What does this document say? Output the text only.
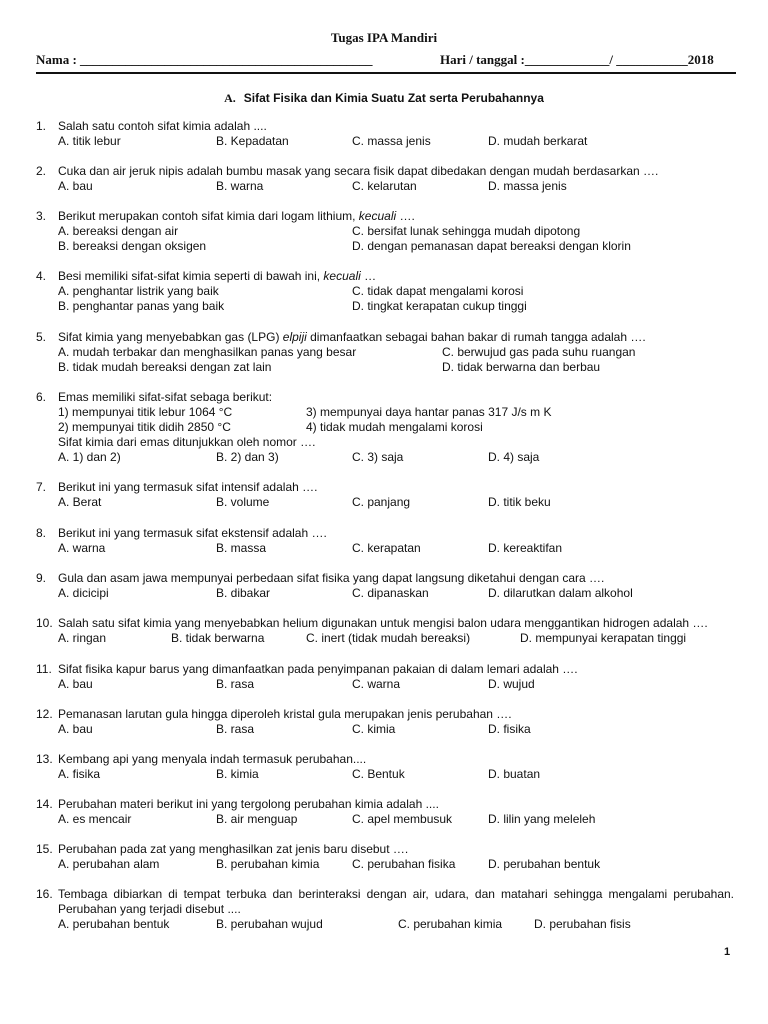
Tugas IPA Mandiri
Nama : _____________________________________________	Hari / tanggal :_____________/ ___________2018
A. Sifat Fisika dan Kimia Suatu Zat serta Perubahannya
1. Salah satu contoh sifat kimia adalah ....
A. titik lebur	B. Kepadatan	C. massa jenis	D. mudah berkarat
2. Cuka dan air jeruk nipis adalah bumbu masak yang secara fisik dapat dibedakan dengan mudah berdasarkan ….
A. bau	B. warna	C. kelarutan	D. massa jenis
3. Berikut merupakan contoh sifat kimia dari logam lithium, kecuali ….
A. bereaksi dengan air	C. bersifat lunak sehingga mudah dipotong
B. bereaksi dengan oksigen	D. dengan pemanasan dapat bereaksi dengan klorin
4. Besi memiliki sifat-sifat kimia seperti di bawah ini, kecuali …
A. penghantar listrik yang baik	C. tidak dapat mengalami korosi
B. penghantar panas yang baik	D. tingkat kerapatan cukup tinggi
5. Sifat kimia yang menyebabkan gas (LPG) elpiji dimanfaatkan sebagai bahan bakar di rumah tangga adalah ….
A. mudah terbakar dan menghasilkan panas yang besar	C. berwujud gas pada suhu ruangan
B. tidak mudah bereaksi dengan zat lain	D. tidak berwarna dan berbau
6. Emas memiliki sifat-sifat sebaga berikut:
1) mempunyai titik lebur 1064 °C	3) mempunyai daya hantar panas 317 J/s m K
2) mempunyai titik didih 2850 °C	4) tidak mudah mengalami korosi
Sifat kimia dari emas ditunjukkan oleh nomor ….
A. 1) dan 2)	B. 2) dan 3)	C. 3) saja	D. 4) saja
7. Berikut ini yang termasuk sifat intensif adalah ….
A. Berat	B. volume	C. panjang	D. titik beku
8. Berikut ini yang termasuk sifat ekstensif adalah ….
A. warna	B. massa	C. kerapatan	D. kereaktifan
9. Gula dan asam jawa mempunyai perbedaan sifat fisika yang dapat langsung diketahui dengan cara ….
A. dicicipi	B. dibakar	C. dipanaskan	D. dilarutkan dalam alkohol
10. Salah satu sifat kimia yang menyebabkan helium digunakan untuk mengisi balon udara menggantikan hidrogen adalah ….
A. ringan	B. tidak berwarna	C. inert (tidak mudah bereaksi)	D. mempunyai kerapatan tinggi
11. Sifat fisika kapur barus yang dimanfaatkan pada penyimpanan pakaian di dalam lemari adalah ….
A. bau	B. rasa	C. warna	D. wujud
12. Pemanasan larutan gula hingga diperoleh kristal gula merupakan jenis perubahan ….
A. bau	B. rasa	C. kimia	D. fisika
13. Kembang api yang menyala indah termasuk perubahan....
A. fisika	B. kimia	C. Bentuk	D. buatan
14. Perubahan materi berikut ini yang tergolong perubahan kimia adalah ....
A. es mencair	B. air menguap	C. apel membusuk	D. lilin yang meleleh
15. Perubahan pada zat yang menghasilkan zat jenis baru disebut ….
A. perubahan alam	B. perubahan kimia	C. perubahan fisika	D. perubahan bentuk
16. Tembaga dibiarkan di tempat terbuka dan berinteraksi dengan air, udara, dan matahari sehingga mengalami perubahan. Perubahan yang terjadi disebut ....
A. perubahan bentuk	B. perubahan wujud	C. perubahan kimia	D. perubahan fisis
1
